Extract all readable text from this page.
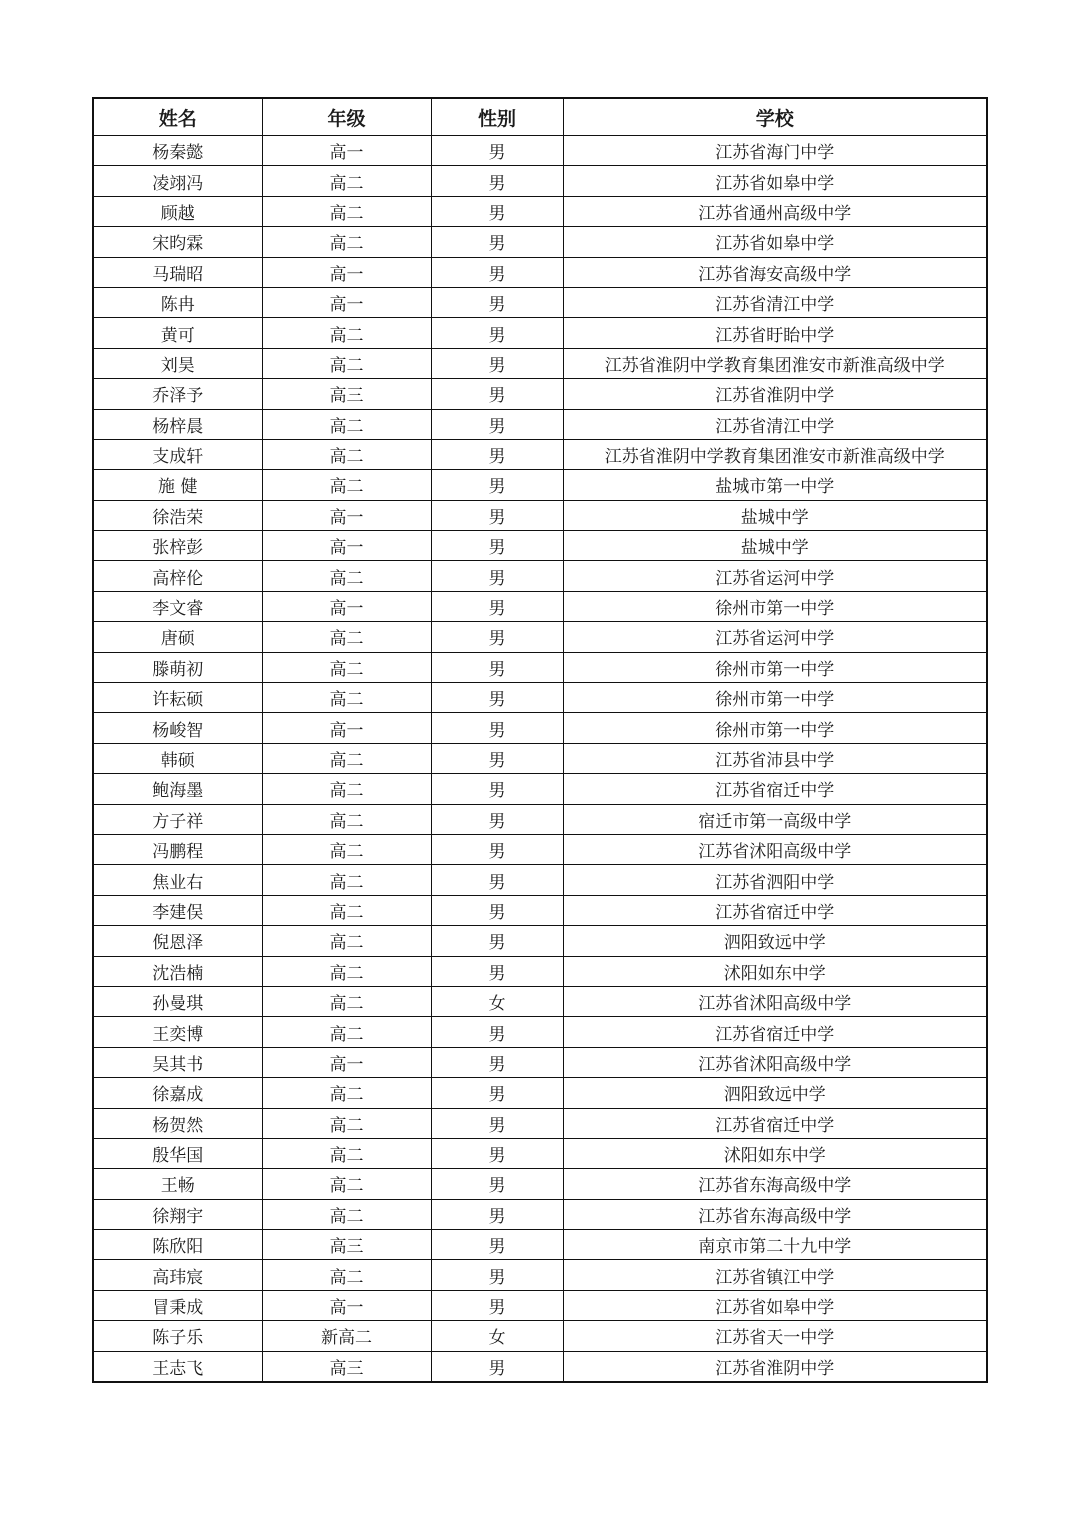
姓名	年级	性别	学校
杨秦懿	高一	男	江苏省海门中学
凌翊冯	高二	男	江苏省如皋中学
顾越	高二	男	江苏省通州高级中学
宋昀霖	高二	男	江苏省如皋中学
马瑞昭	高一	男	江苏省海安高级中学
陈冉	高一	男	江苏省清江中学
黄可	高二	男	江苏省盱眙中学
刘昊	高二	男	江苏省淮阴中学教育集团淮安市新淮高级中学
乔泽予	高三	男	江苏省淮阴中学
杨梓晨	高二	男	江苏省清江中学
支成轩	高二	男	江苏省淮阴中学教育集团淮安市新淮高级中学
施 健	高二	男	盐城市第一中学
徐浩荣	高一	男	盐城中学
张梓彭	高一	男	盐城中学
高梓伦	高二	男	江苏省运河中学
李文睿	高一	男	徐州市第一中学
唐硕	高二	男	江苏省运河中学
滕萌初	高二	男	徐州市第一中学
许耘硕	高二	男	徐州市第一中学
杨峻智	高一	男	徐州市第一中学
韩硕	高二	男	江苏省沛县中学
鲍海墨	高二	男	江苏省宿迁中学
方子祥	高二	男	宿迁市第一高级中学
冯鹏程	高二	男	江苏省沭阳高级中学
焦业右	高二	男	江苏省泗阳中学
李建俣	高二	男	江苏省宿迁中学
倪恩泽	高二	男	泗阳致远中学
沈浩楠	高二	男	沭阳如东中学
孙曼琪	高二	女	江苏省沭阳高级中学
王奕博	高二	男	江苏省宿迁中学
吴其书	高一	男	江苏省沭阳高级中学
徐嘉成	高二	男	泗阳致远中学
杨贺然	高二	男	江苏省宿迁中学
殷华国	高二	男	沭阳如东中学
王畅	高二	男	江苏省东海高级中学
徐翔宇	高二	男	江苏省东海高级中学
陈欣阳	高三	男	南京市第二十九中学
高玮宸	高二	男	江苏省镇江中学
冒秉成	高一	男	江苏省如皋中学
陈子乐	新高二	女	江苏省天一中学
王志飞	高三	男	江苏省淮阴中学
